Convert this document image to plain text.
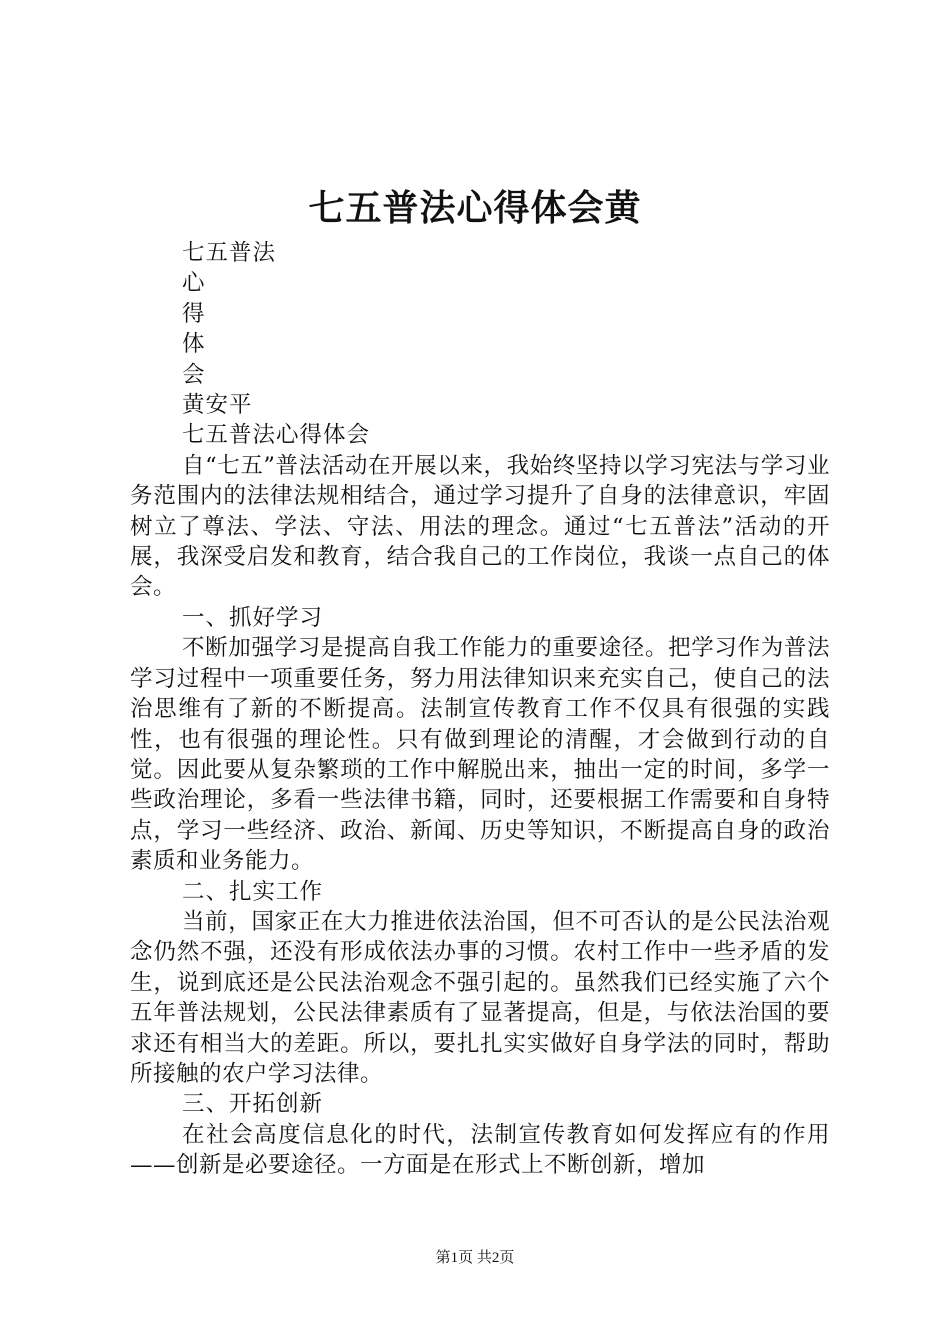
七五普法心得体会黄
七五普法
心
得
体
会
黄安平
七五普法心得体会

自“七五”普法活动在开展以来，我始终坚持以学习宪法与学习业务范围内的法律法规相结合，通过学习提升了自身的法律意识，牢固树立了尊法、学法、守法、用法的理念。通过“七五普法”活动的开展，我深受启发和教育，结合我自己的工作岗位，我谈一点自己的体会。

一、抓好学习

不断加强学习是提高自我工作能力的重要途径。把学习作为普法学习过程中一项重要任务，努力用法律知识来充实自己，使自己的法治思维有了新的不断提高。法制宣传教育工作不仅具有很强的实践性，也有很强的理论性。只有做到理论的清醒，才会做到行动的自觉。因此要从复杂繁琐的工作中解脱出来，抽出一定的时间，多学一些政治理论，多看一些法律书籍，同时，还要根据工作需要和自身特点，学习一些经济、政治、新闻、历史等知识，不断提高自身的政治素质和业务能力。

二、扎实工作

当前，国家正在大力推进依法治国，但不可否认的是公民法治观念仍然不强，还没有形成依法办事的习惯。农村工作中一些矛盾的发生，说到底还是公民法治观念不强引起的。虽然我们已经实施了六个五年普法规划，公民法律素质有了显著提高，但是，与依法治国的要求还有相当大的差距。所以，要扎扎实实做好自身学法的同时，帮助所接触的农户学习法律。

三、开拓创新

在社会高度信息化的时代，法制宣传教育如何发挥应有的作用——创新是必要途径。一方面是在形式上不断创新，增加

第1页 共2页
